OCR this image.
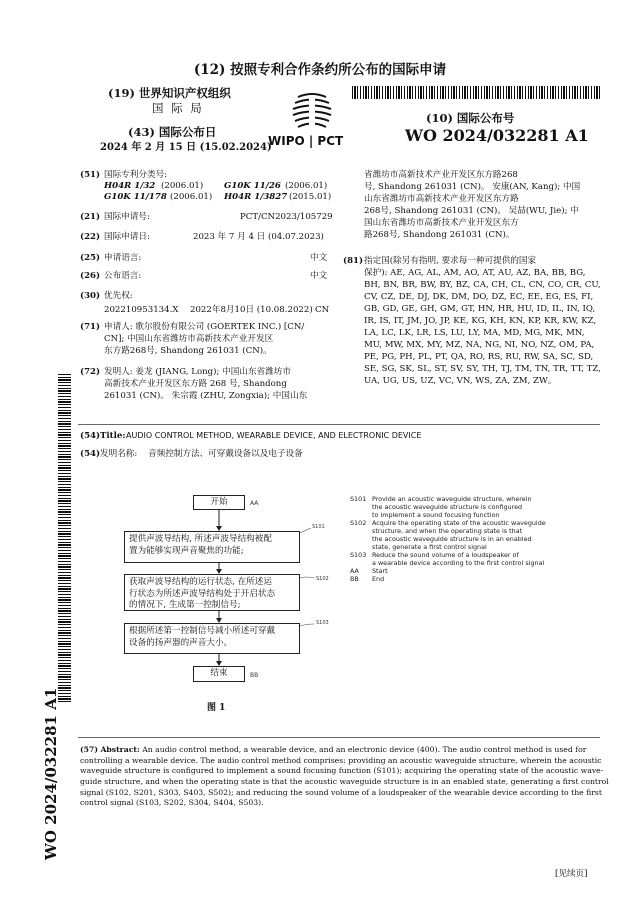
(12) 按照专利合作条约所公布的国际申请
(19) 世界知识产权组织
国 际 局
(43) 国际公布日
2024 年 2 月 15 日 (15.02.2024)
WIPO | PCT
(10) 国际公布号
WO 2024/032281 A1
WO 2024/032281 A1
(51) 国际专利分类号:
H04R 1/32 (2006.01) G10K 11/26 (2006.01)
G10K 11/178 (2006.01) H04R 1/3827 (2015.01)
(21) 国际申请号:	PCT/CN2023/105729
(22) 国际申请日:	2023 年 7 月 4 日 (04.07.2023)
(25) 申请语言:	中文
(26) 公布语言:	中文
(30) 优先权:
202210953134.X 2022年8月10日 (10.08.2022) CN
(71) 申请人: 歌尔股份有限公司 (GOERTEK INC.) [CN/
CN]; 中国山东省潍坊市高新技术产业开发区
东方路268号, Shandong 261031 (CN)。
(72) 发明人: 姜龙 (JIANG, Long); 中国山东省潍坊市
高新技术产业开发区东方路 268 号, Shandong
261031 (CN)。 朱宗霞 (ZHU, Zongxia); 中国山东
省潍坊市高新技术产业开发区东方路268
号, Shandong 261031 (CN)。 安康(AN, Kang); 中国
山东省潍坊市高新技术产业开发区东方路
268号, Shandong 261031 (CN)。 吴喆(WU, Jie); 中
国山东省潍坊市高新技术产业开发区东方
路268号, Shandong 261031 (CN)。
(81) 指定国(除另有指明, 要求每一种可提供的国家
保护): AE, AG, AL, AM, AO, AT, AU, AZ, BA, BB, BG,
BH, BN, BR, BW, BY, BZ, CA, CH, CL, CN, CO, CR, CU,
CV, CZ, DE, DJ, DK, DM, DO, DZ, EC, EE, EG, ES, FI,
GB, GD, GE, GH, GM, GT, HN, HR, HU, ID, IL, IN, IQ,
IR, IS, IT, JM, JO, JP, KE, KG, KH, KN, KP, KR, KW, KZ,
LA, LC, LK, LR, LS, LU, LY, MA, MD, MG, MK, MN,
MU, MW, MX, MY, MZ, NA, NG, NI, NO, NZ, OM, PA,
PE, PG, PH, PL, PT, QA, RO, RS, RU, RW, SA, SC, SD,
SE, SG, SK, SL, ST, SV, SY, TH, TJ, TM, TN, TR, TT, TZ,
UA, UG, US, UZ, VC, VN, WS, ZA, ZM, ZW。
(54) Title: AUDIO CONTROL METHOD, WEARABLE DEVICE, AND ELECTRONIC DEVICE
(54) 发明名称: 音频控制方法、可穿戴设备以及电子设备
开始	AA
提供声波导结构, 所述声波导结构被配
置为能够实现声音聚焦的功能;
S101
获取声波导结构的运行状态, 在所述运
行状态为所述声波导结构处于开启状态
的情况下, 生成第一控制信号;
S102
根据所述第一控制信号减小所述可穿戴
设备的扬声器的声音大小。
S103
结束	BB
图 1
S101 Provide an acoustic waveguide structure, wherein
the acoustic waveguide structure is configured
to implement a sound focusing function
S102 Acquire the operating state of the acoustic waveguide
structure, and when the operating state is that
the acoustic waveguide structure is in an enabled
state, generate a first control signal
S103 Reduce the sound volume of a loudspeaker of
a wearable device according to the first control signal
AA	Start
BB	End
(57) Abstract: An audio control method, a wearable device, and an electronic device (400). The audio control method is used for
controlling a wearable device. The audio control method comprises: providing an acoustic waveguide structure, wherein the acoustic
waveguide structure is configured to implement a sound focusing function (S101); acquiring the operating state of the acoustic wave-
guide structure, and when the operating state is that the acoustic waveguide structure is in an enabled state, generating a first control
signal (S102, S201, S303, S403, S502); and reducing the sound volume of a loudspeaker of the wearable device according to the first
control signal (S103, S202, S304, S404, S503).
[见续页]
